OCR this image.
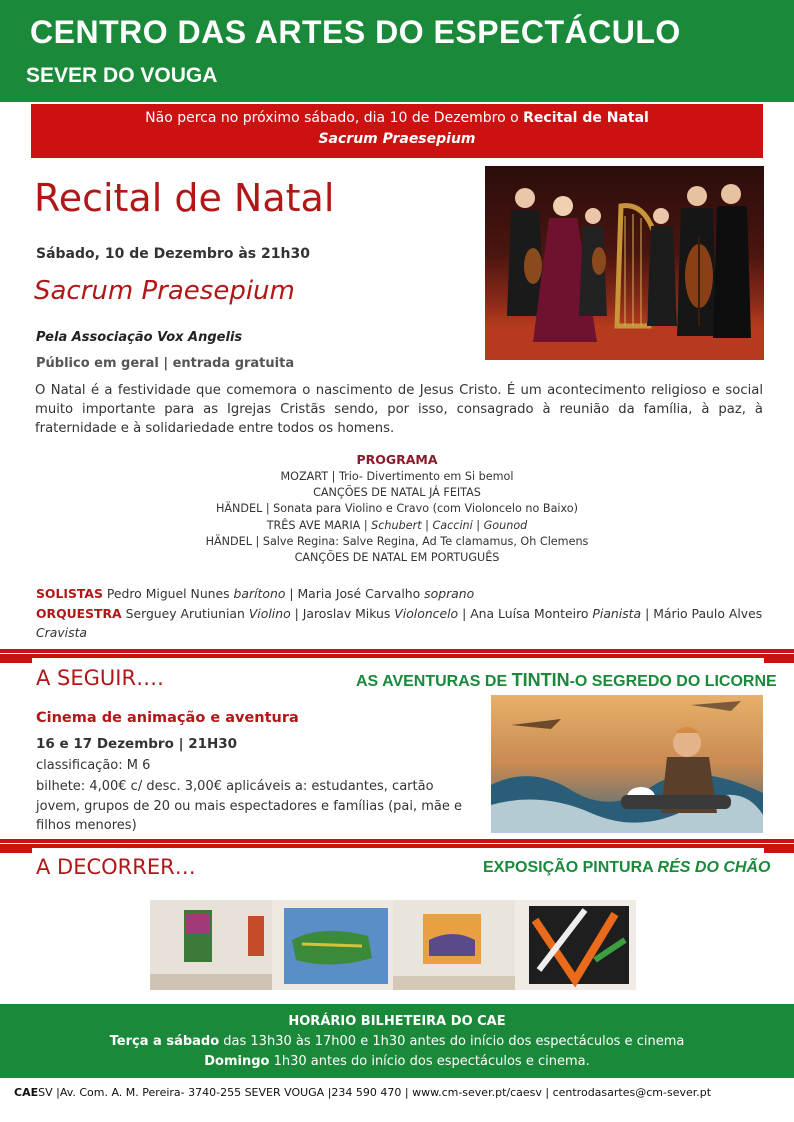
CENTRO DAS ARTES DO ESPECTÁCULO
SEVER DO VOUGA
Não perca no próximo sábado, dia 10 de Dezembro o Recital de Natal
Sacrum Praesepium
Recital de Natal
Sábado, 10 de Dezembro às 21h30
Sacrum Praesepium
Pela Associação Vox Angelis
Público em geral | entrada gratuita
O Natal é a festividade que comemora o nascimento de Jesus Cristo. É um acontecimento religioso e social muito importante para as Igrejas Cristãs sendo, por isso, consagrado à reunião da família, à paz, à fraternidade e à solidariedade entre todos os homens.
PROGRAMA
MOZART | Trio- Divertimento em Si bemol
CANÇÕES DE NATAL JÁ FEITAS
HÄNDEL | Sonata para Violino e Cravo (com Violoncelo no Baixo)
TRÊS AVE MARIA | Schubert | Caccini | Gounod
HÄNDEL | Salve Regina: Salve Regina, Ad Te clamamus, Oh Clemens
CANÇÕES DE NATAL EM PORTUGUÊS
SOLISTAS Pedro Miguel Nunes barítono | Maria José Carvalho soprano
ORQUESTRA Serguey Arutiunian Violino | Jaroslav Mikus Violoncelo | Ana Luísa Monteiro Pianista | Mário Paulo Alves Cravista
A SEGUIR….	AS AVENTURAS DE TINTIN-O SEGREDO DO LICORNE
Cinema de animação e aventura
16 e 17 Dezembro | 21H30
classificação: M 6
bilhete: 4,00€ c/ desc. 3,00€ aplicáveis a: estudantes, cartão jovem, grupos de 20 ou mais espectadores e famílias (pai, mãe e filhos menores)
A DECORRER…	EXPOSIÇÃO PINTURA RÉS DO CHÃO
HORÁRIO BILHETEIRA DO CAE
Terça a sábado das 13h30 às 17h00 e 1h30 antes do início dos espectáculos e cinema
Domingo 1h30 antes do início dos espectáculos e cinema.
CAESV |Av. Com. A. M. Pereira- 3740-255 SEVER VOUGA |234 590 470 | www.cm-sever.pt/caesv | centrodasartes@cm-sever.pt
